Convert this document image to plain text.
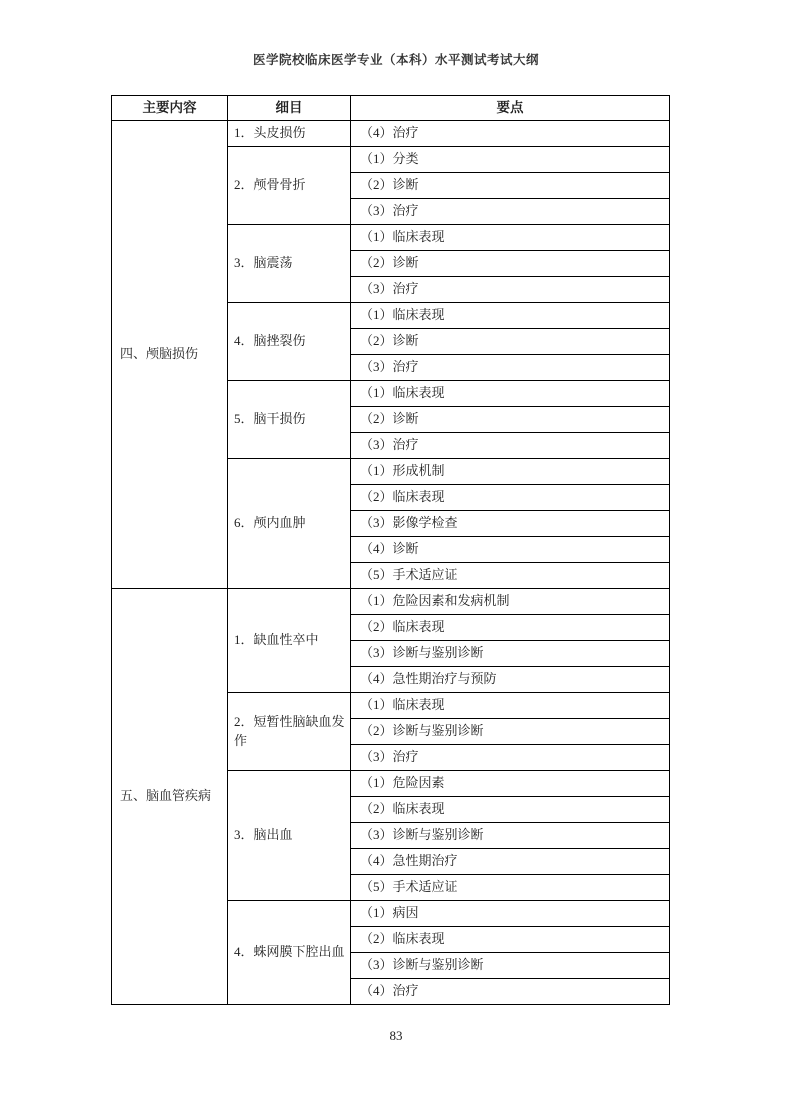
医学院校临床医学专业（本科）水平测试考试大纲
主要内容	细目	要点
四、颅脑损伤	1．头皮损伤	（4）治疗
	2．颅骨骨折	（1）分类
		（2）诊断
		（3）治疗
	3．脑震荡	（1）临床表现
		（2）诊断
		（3）治疗
	4．脑挫裂伤	（1）临床表现
		（2）诊断
		（3）治疗
	5．脑干损伤	（1）临床表现
		（2）诊断
		（3）治疗
	6．颅内血肿	（1）形成机制
		（2）临床表现
		（3）影像学检查
		（4）诊断
		（5）手术适应证
五、脑血管疾病	1．缺血性卒中	（1）危险因素和发病机制
		（2）临床表现
		（3）诊断与鉴别诊断
		（4）急性期治疗与预防
	2．短暂性脑缺血发作	（1）临床表现
		（2）诊断与鉴别诊断
		（3）治疗
	3．脑出血	（1）危险因素
		（2）临床表现
		（3）诊断与鉴别诊断
		（4）急性期治疗
		（5）手术适应证
	4．蛛网膜下腔出血	（1）病因
		（2）临床表现
		（3）诊断与鉴别诊断
		（4）治疗
83
